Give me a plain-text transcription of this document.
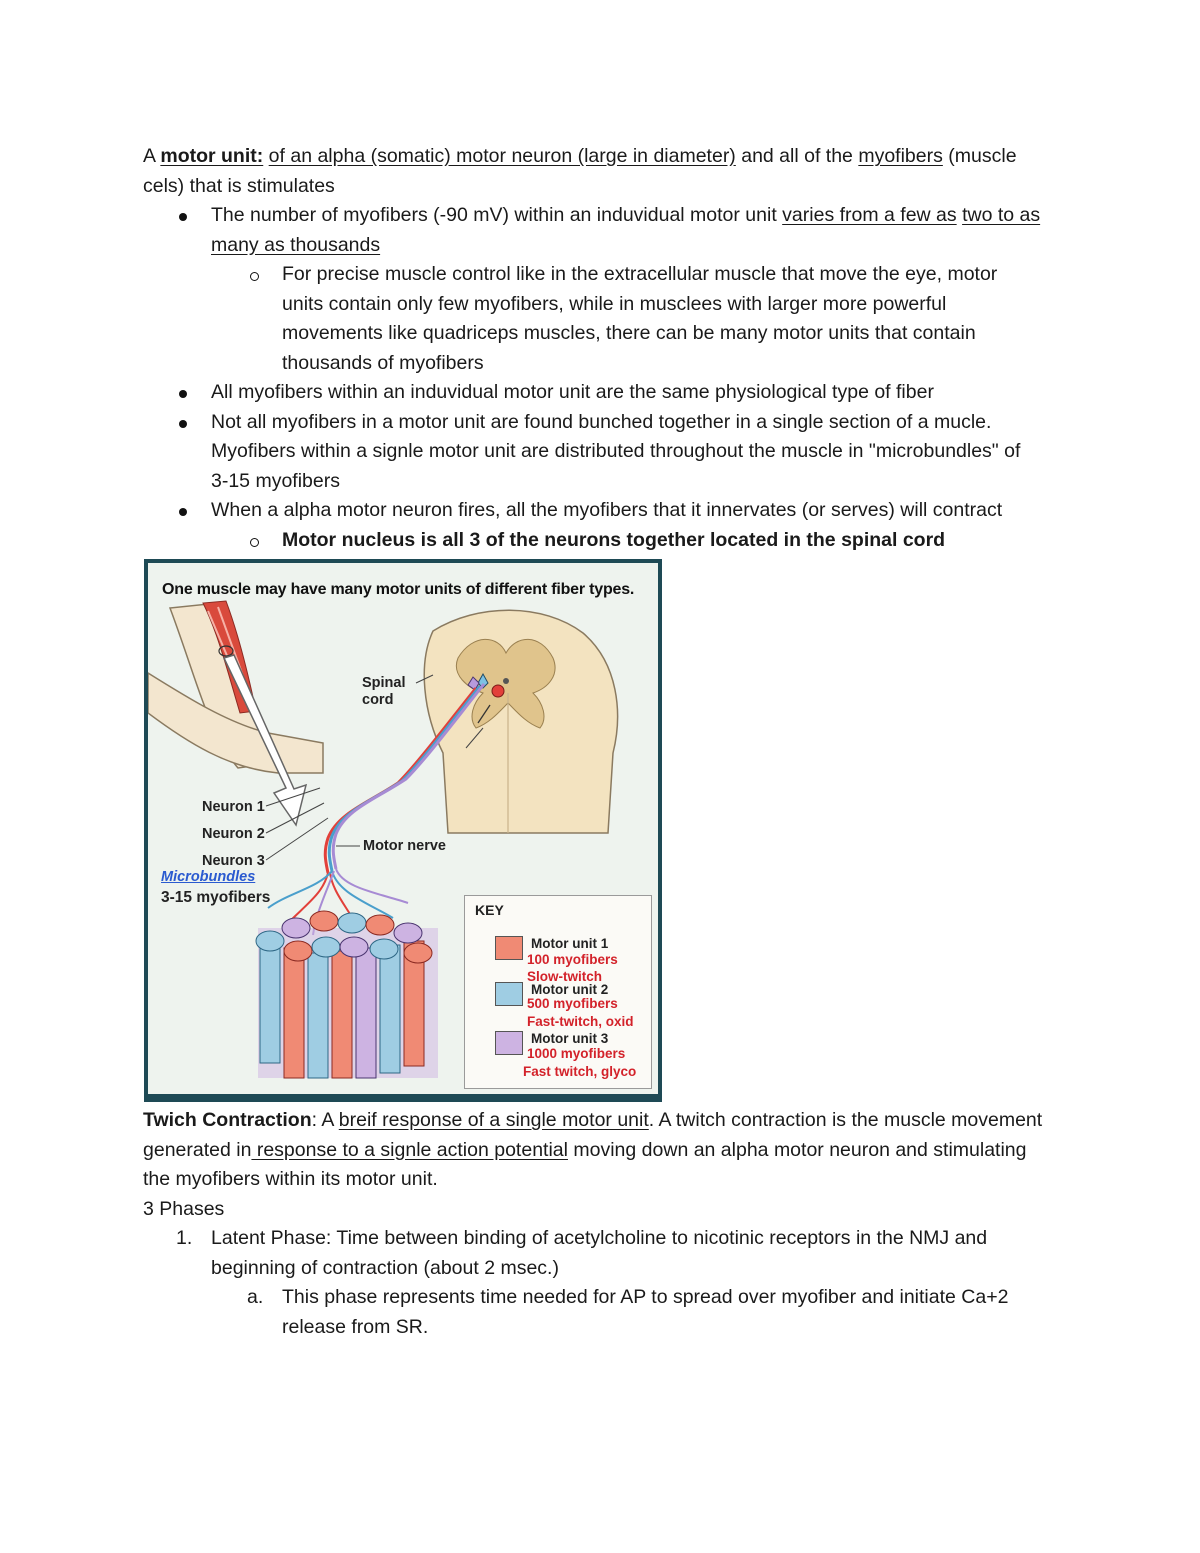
A motor unit: of an alpha (somatic) motor neuron (large in diameter) and all of the myofibers (muscle cels) that is stimulates

The number of myofibers (-90 mV) within an induvidual motor unit varies from a few as two to as many as thousands
For precise muscle control like in the extracellular muscle that move the eye, motor units contain only few myofibers, while in musclees with larger more powerful movements like quadriceps muscles, there can be many motor units that contain thousands of myofibers
All myofibers within an induvidual motor unit are the same physiological type of fiber
Not all myofibers in a motor unit are found bunched together in a single section of a mucle. Myofibers within a signle motor unit are distributed throughout the muscle in "microbundles" of 3-15 myofibers
When a alpha motor neuron fires, all the myofibers that it innervates (or serves) will contract
Motor nucleus is all 3 of the neurons together located in the spinal cord
One muscle may have many motor units of different fiber types.
Spinal cord
Neuron 1
Neuron 2
Neuron 3
Motor nerve
Microbundles
3-15 myofibers
KEY
Motor unit 1
100 myofibers
Slow-twitch
Motor unit 2
500 myofibers
Fast-twitch, oxid
Motor unit 3
1000 myofibers
Fast twitch, glyco

Twich Contraction: A breif response of a single motor unit. A twitch contraction is the muscle movement generated in response to a signle action potential moving down an alpha motor neuron and stimulating the myofibers within its motor unit.

3 Phases

1. Latent Phase: Time between binding of acetylcholine to nicotinic receptors in the NMJ and beginning of contraction (about 2 msec.)
a. This phase represents time needed for AP to spread over myofiber and initiate Ca+2 release from SR.
